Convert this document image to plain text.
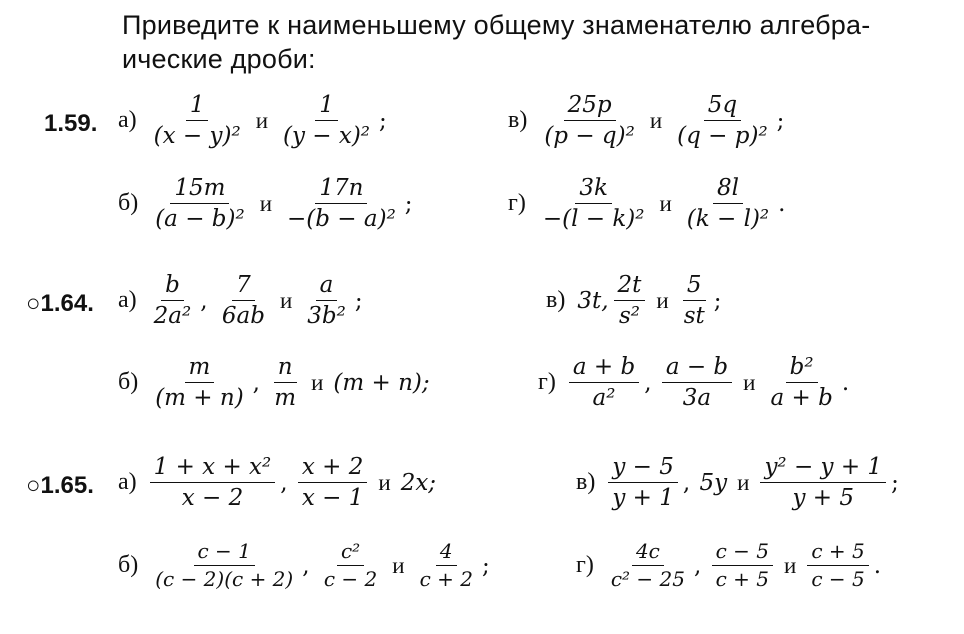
Приведите к наименьшему общему знаменателю алгебра-
ические дроби:
1.59. $а) \frac{1}{\text{(x − y)²}}$ и $\frac{1}{\text{(y − x)²}}$ ;	$в) \frac{25p}{\text{(p − q)²}}$ и $\frac{5q}{\text{(q − p)²}}$ ;
$б) \frac{15m}{\text{(a − b)²}}$ и $\frac{17n}{\text{−(b − a)²}}$ ;	$г) \frac{3k}{\text{−(l − k)²}}$ и $\frac{8l}{\text{(k − l)²}}$ .
○1.64. $а) \frac{b}{\text{2a²}}$ , $\frac{7}{6ab}$ и $\frac{a}{\text{3b²}}$ ;	в) 3t, $\frac{2t}{\text{s²}}$ и $\frac{5}{st}$ ;
$б) \frac{m}{(m + n)}$ , $\frac{n}{m}$ и (m + n);	$г) \frac{a + b}{\text{a²}}$ , $\frac{a - b}{3a}$ и $\frac{\text{b²}}{a + b}$ .
○1.65. $а) \frac{\text{1 + x + x²}}{x - 2}$ , $\frac{x + 2}{x - 1}$ и 2x;	$в) \frac{y - 5}{y + 1}$ , 5y и $\frac{\text{y² − y + 1}}{y + 5}$ ;
$б) \frac{c - 1}{(c - 2)(c + 2)}$ , $\frac{\text{c²}}{c - 2}$ и $\frac{4}{c + 2}$ ;	$г) \frac{4c}{\text{c² − 25}}$ , $\frac{c - 5}{c + 5}$ и $\frac{c + 5}{c - 5}$ .
